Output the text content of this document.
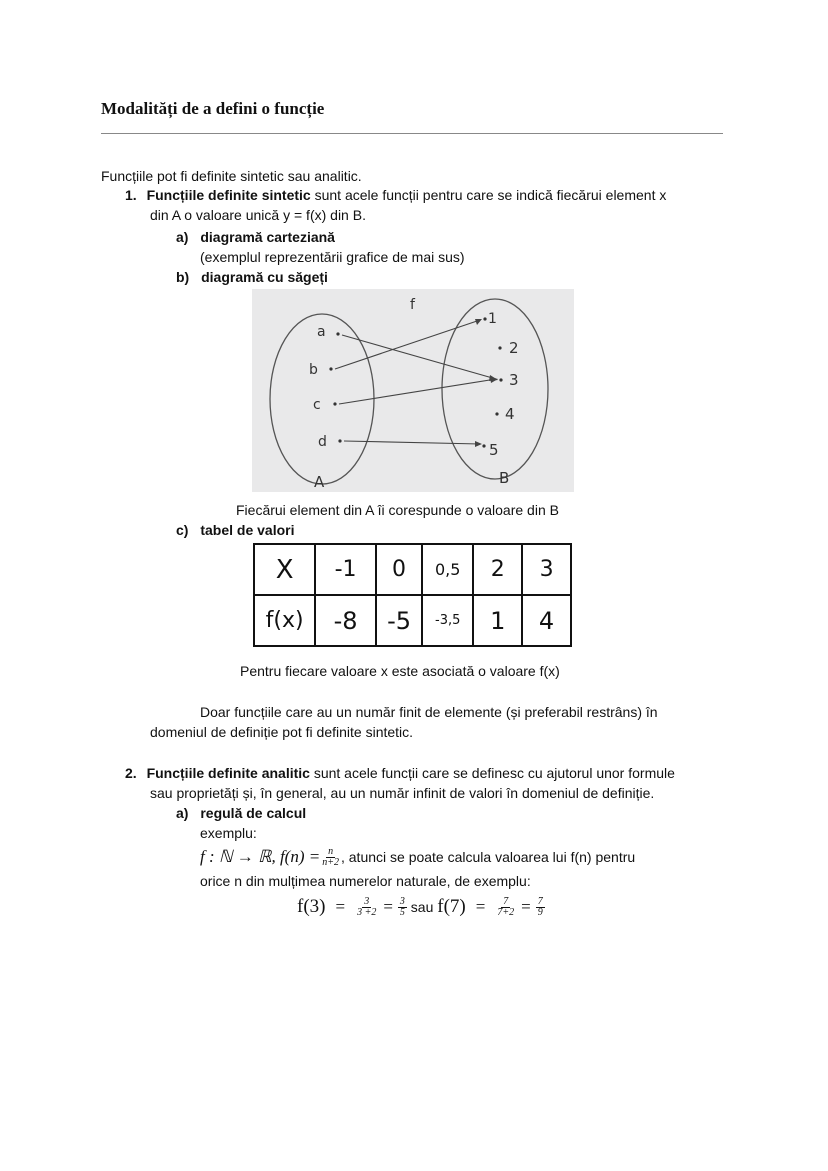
Modalități de a defini o funcție
Funcțiile pot fi definite sintetic sau analitic.
1. Funcțiile definite sintetic sunt acele funcții pentru care se indică fiecărui element x
din A o valoare unică y = f(x) din B.
a) diagramă carteziană
(exemplul reprezentării grafice de mai sus)
b) diagramă cu săgeți
f
a
b
c
d
1
2
3
4
5
A	B
Fiecărui element din A îi corespunde o valoare din B
c) tabel de valori
X	-1	0	0,5	2	3
f(x)	-8	-5	-3,5	1	4
Pentru fiecare valoare x este asociată o valoare f(x)
Doar funcțiile care au un număr finit de elemente (și preferabil restrâns) în
domeniul de definiție pot fi definite sintetic.
2. Funcțiile definite analitic sunt acele funcții care se definesc cu ajutorul unor formule
sau proprietăți și, în general, au un număr infinit de valori în domeniul de definiție.
a) regulă de calcul
exemplu:
f : ℕ → ℝ, $f(n) = \frac{n}{n+2}$ , atunci se poate calcula valoarea lui f(n) pentru
orice n din mulțimea numerelor naturale, de exemplu:
$f(3) = \frac{3}{3 +2} = \frac{3}{5}$ sau $f(7) = \frac{7}{7+2} = \frac{7}{9}$
